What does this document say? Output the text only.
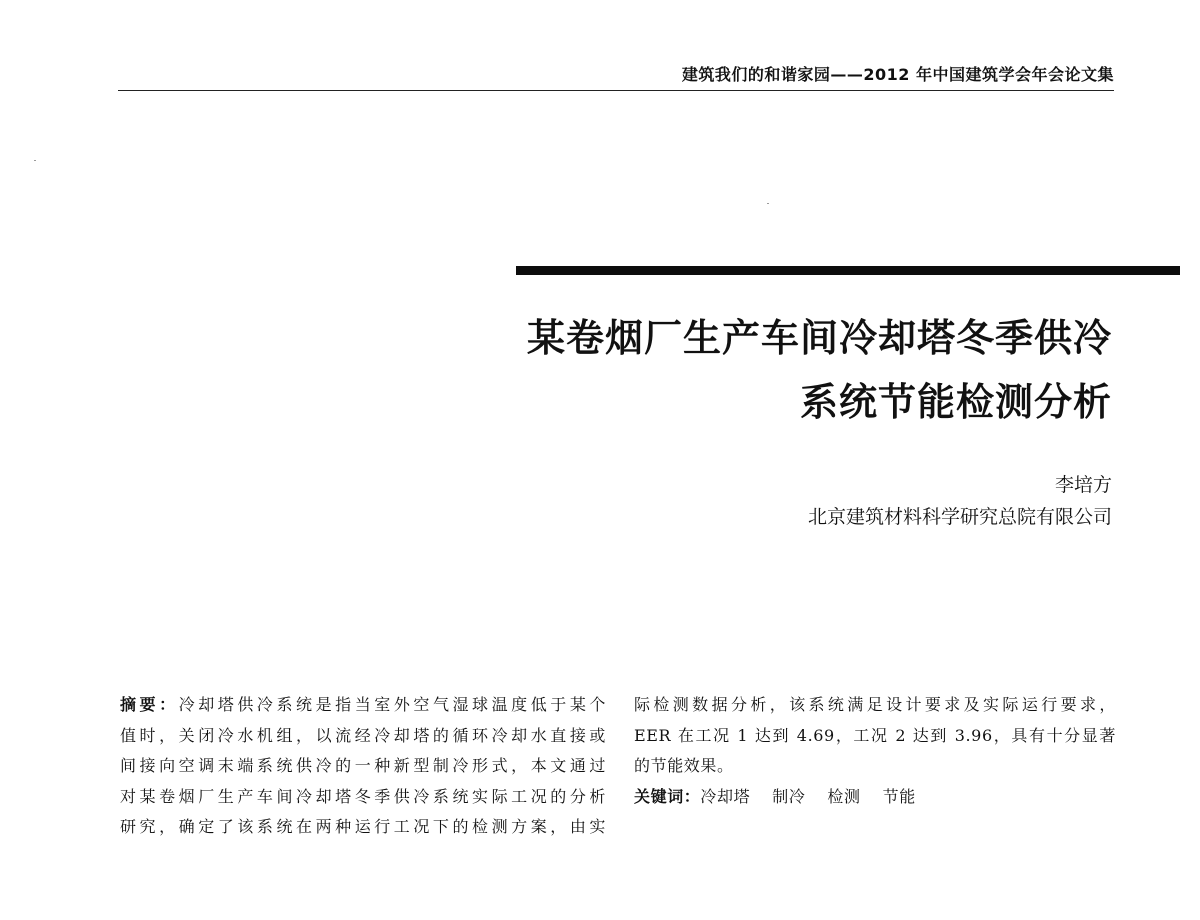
建筑我们的和谐家园——2012 年中国建筑学会年会论文集
某卷烟厂生产车间冷却塔冬季供冷
系统节能检测分析
李培方
北京建筑材料科学研究总院有限公司
摘要：冷却塔供冷系统是指当室外空气湿球温度低于某个
值时，关闭冷水机组，以流经冷却塔的循环冷却水直接或
间接向空调末端系统供冷的一种新型制冷形式，本文通过
对某卷烟厂生产车间冷却塔冬季供冷系统实际工况的分析
研究，确定了该系统在两种运行工况下的检测方案，由实
际检测数据分析，该系统满足设计要求及实际运行要求，
EER 在工况 1 达到 4.69，工况 2 达到 3.96，具有十分显著
的节能效果。
关键词：冷却塔 制冷 检测 节能
